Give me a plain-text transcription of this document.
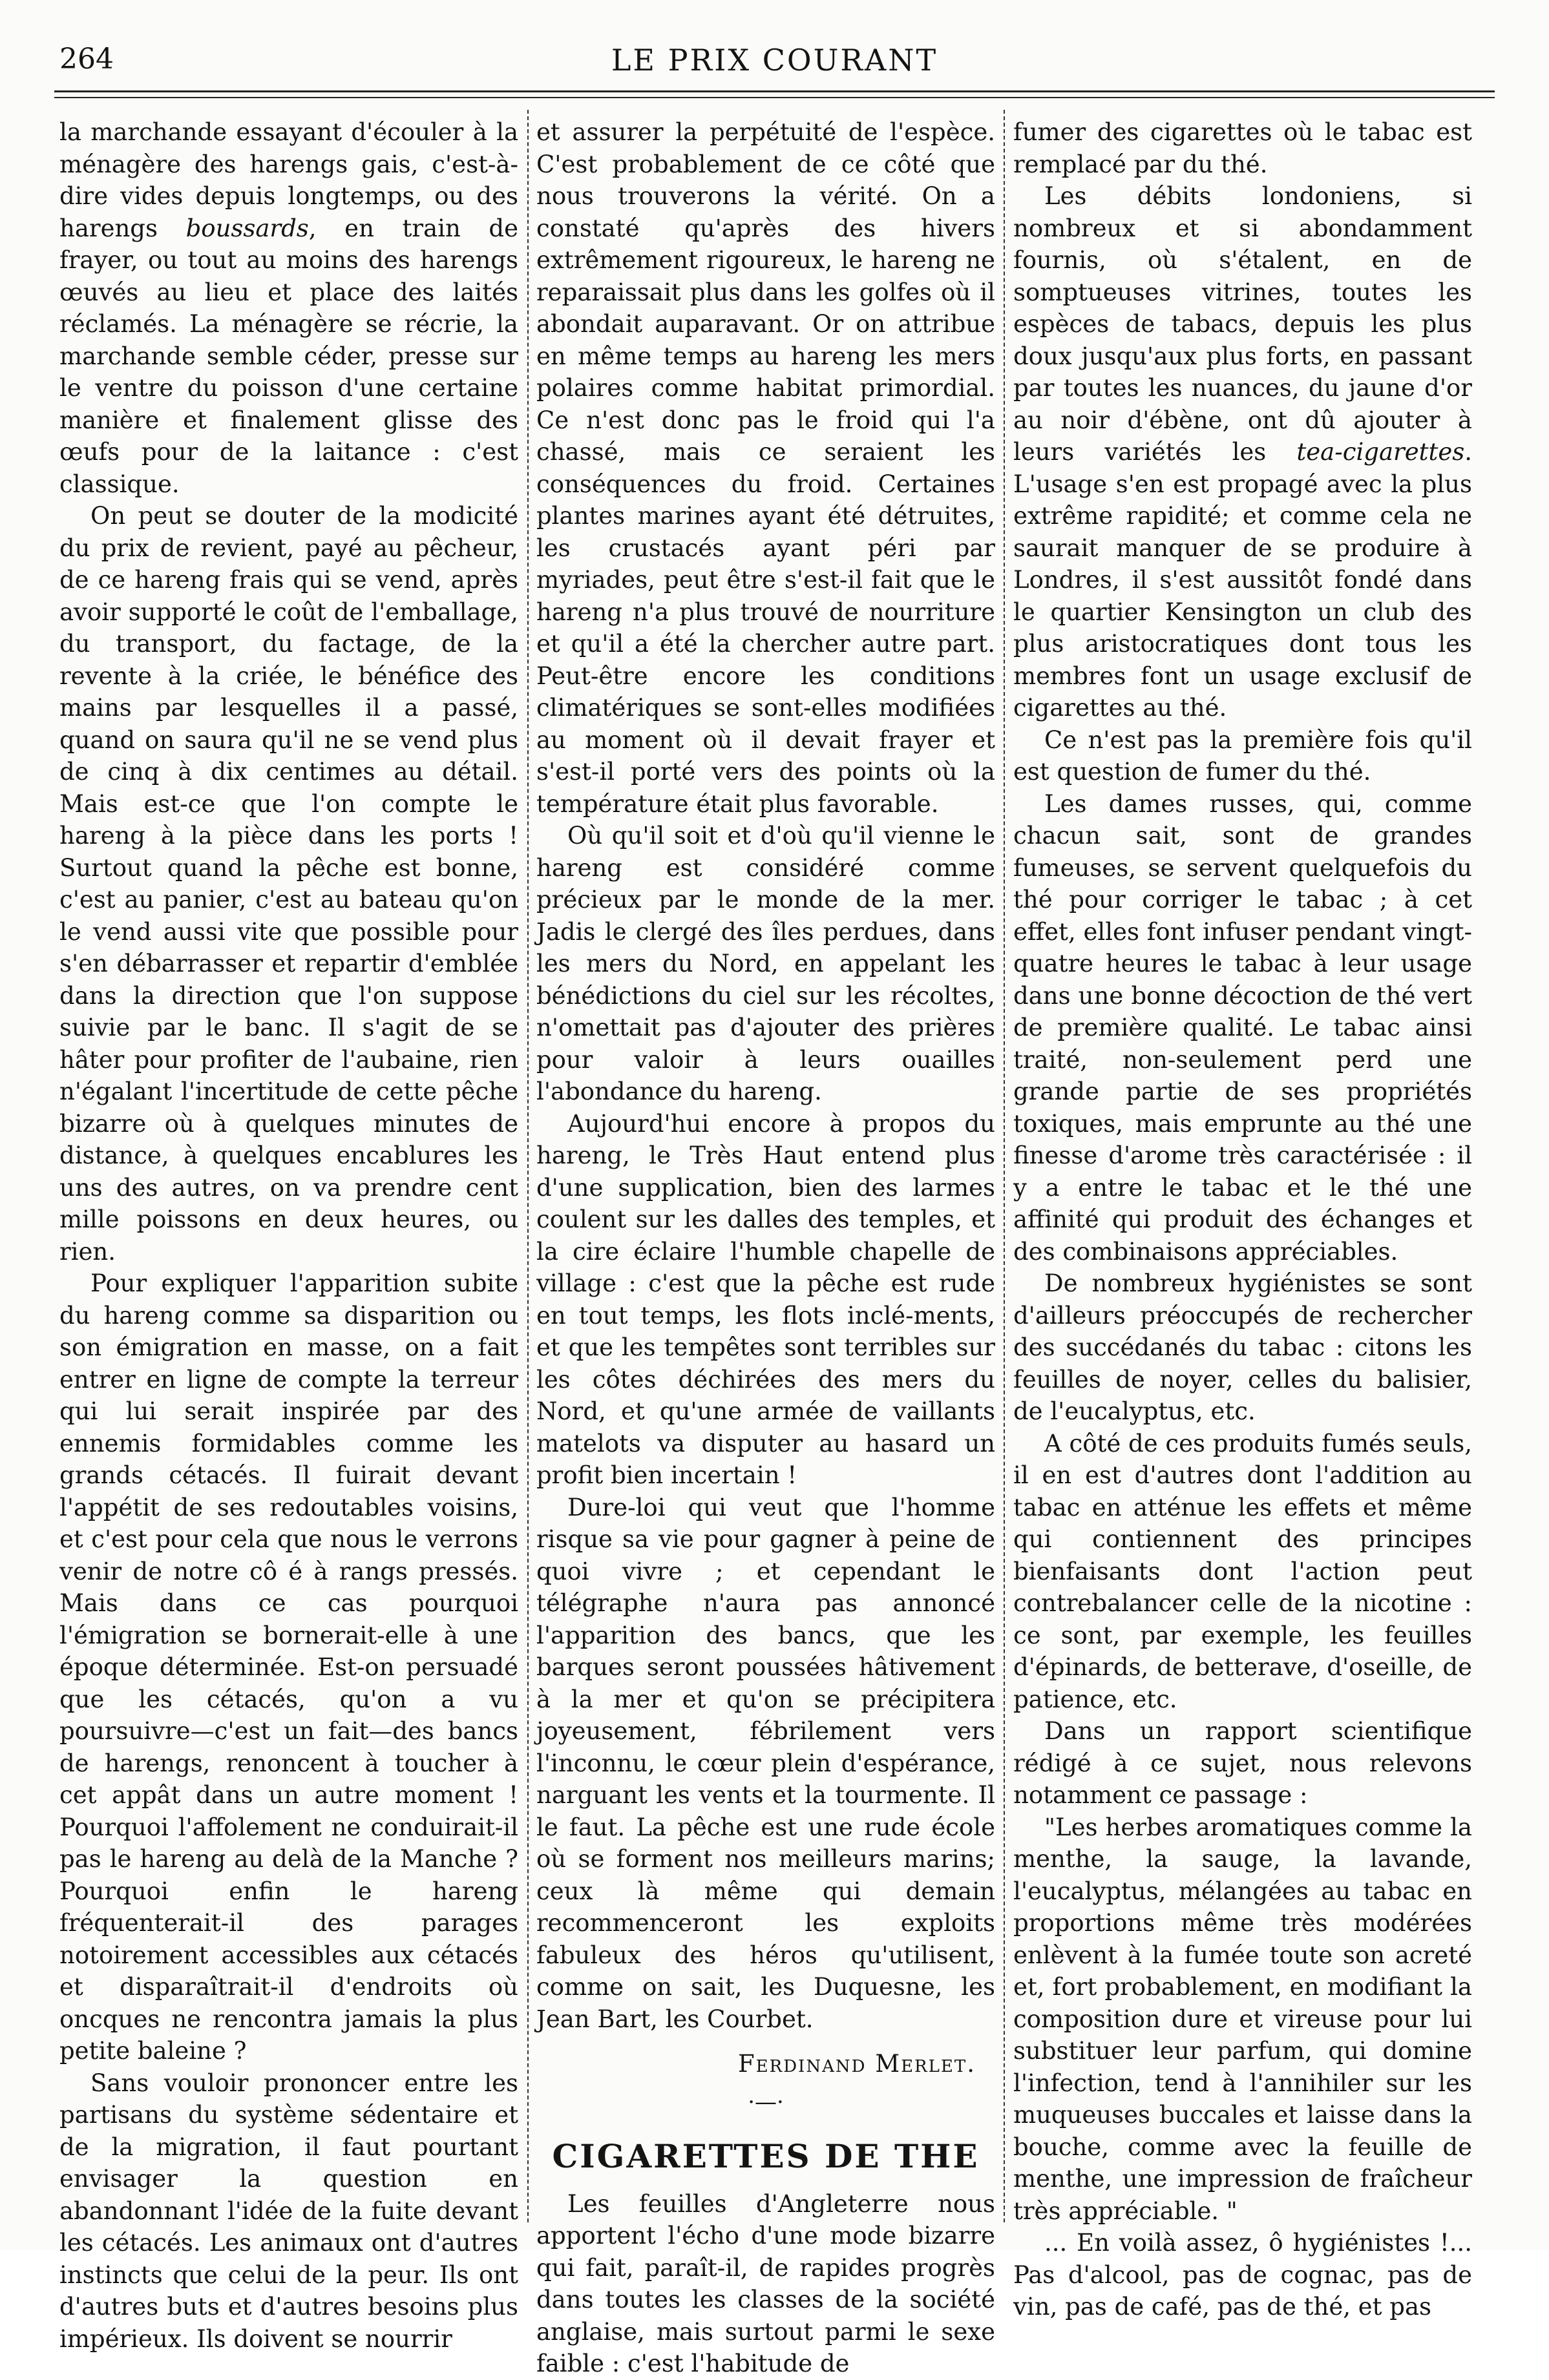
264	LE PRIX COURANT

la marchande essayant d'écouler à la ménagère des harengs gais, c'est-à-dire vides depuis longtemps, ou des harengs boussards, en train de frayer, ou tout au moins des harengs œuvés au lieu et place des laités réclamés. La ménagère se récrie, la marchande semble céder, presse sur le ventre du poisson d'une certaine manière et finalement glisse des œufs pour de la laitance : c'est classique.

On peut se douter de la modicité du prix de revient, payé au pêcheur, de ce hareng frais qui se vend, après avoir supporté le coût de l'emballage, du transport, du factage, de la revente à la criée, le bénéfice des mains par lesquelles il a passé, quand on saura qu'il ne se vend plus de cinq à dix centimes au détail. Mais est-ce que l'on compte le hareng à la pièce dans les ports ! Surtout quand la pêche est bonne, c'est au panier, c'est au bateau qu'on le vend aussi vite que possible pour s'en débarrasser et repartir d'emblée dans la direction que l'on suppose suivie par le banc. Il s'agit de se hâter pour profiter de l'aubaine, rien n'égalant l'incertitude de cette pêche bizarre où à quelques minutes de distance, à quelques encablures les uns des autres, on va prendre cent mille poissons en deux heures, ou rien.

Pour expliquer l'apparition subite du hareng comme sa disparition ou son émigration en masse, on a fait entrer en ligne de compte la terreur qui lui serait inspirée par des ennemis formidables comme les grands cétacés. Il fuirait devant l'appétit de ses redoutables voisins, et c'est pour cela que nous le verrons venir de notre cô é à rangs pressés. Mais dans ce cas pourquoi l'émigration se bornerait-elle à une époque déterminée. Est-on persuadé que les cétacés, qu'on a vu poursuivre—c'est un fait—des bancs de harengs, renoncent à toucher à cet appât dans un autre moment ! Pourquoi l'affolement ne conduirait-il pas le hareng au delà de la Manche ? Pourquoi enfin le hareng fréquenterait-il des parages notoirement accessibles aux cétacés et disparaîtrait-il d'endroits où oncques ne rencontra jamais la plus petite baleine ?

Sans vouloir prononcer entre les partisans du système sédentaire et de la migration, il faut pourtant envisager la question en abandonnant l'idée de la fuite devant les cétacés. Les animaux ont d'autres instincts que celui de la peur. Ils ont d'autres buts et d'autres besoins plus impérieux. Ils doivent se nourrir

et assurer la perpétuité de l'espèce. C'est probablement de ce côté que nous trouverons la vérité. On a constaté qu'après des hivers extrêmement rigoureux, le hareng ne reparaissait plus dans les golfes où il abondait auparavant. Or on attribue en même temps au hareng les mers polaires comme habitat primordial. Ce n'est donc pas le froid qui l'a chassé, mais ce seraient les conséquences du froid. Certaines plantes marines ayant été détruites, les crustacés ayant péri par myriades, peut être s'est-il fait que le hareng n'a plus trouvé de nourriture et qu'il a été la chercher autre part. Peut-être encore les conditions climatériques se sont-elles modifiées au moment où il devait frayer et s'est-il porté vers des points où la température était plus favorable.

Où qu'il soit et d'où qu'il vienne le hareng est considéré comme précieux par le monde de la mer. Jadis le clergé des îles perdues, dans les mers du Nord, en appelant les bénédictions du ciel sur les récoltes, n'omettait pas d'ajouter des prières pour valoir à leurs ouailles l'abondance du hareng.

Aujourd'hui encore à propos du hareng, le Très Haut entend plus d'une supplication, bien des larmes coulent sur les dalles des temples, et la cire éclaire l'humble chapelle de village : c'est que la pêche est rude en tout temps, les flots inclé-ments, et que les tempêtes sont terribles sur les côtes déchirées des mers du Nord, et qu'une armée de vaillants matelots va disputer au hasard un profit bien incertain !

Dure-loi qui veut que l'homme risque sa vie pour gagner à peine de quoi vivre ; et cependant le télégraphe n'aura pas annoncé l'apparition des bancs, que les barques seront poussées hâtivement à la mer et qu'on se précipitera joyeusement, fébrilement vers l'inconnu, le cœur plein d'espérance, narguant les vents et la tourmente. Il le faut. La pêche est une rude école où se forment nos meilleurs marins; ceux là même qui demain recommenceront les exploits fabuleux des héros qu'utilisent, comme on sait, les Duquesne, les Jean Bart, les Courbet.

Ferdinand Merlet.
·—·
CIGARETTES DE THE

Les feuilles d'Angleterre nous apportent l'écho d'une mode bizarre qui fait, paraît-il, de rapides progrès dans toutes les classes de la société anglaise, mais surtout parmi le sexe faible : c'est l'habitude de

fumer des cigarettes où le tabac est remplacé par du thé.

Les débits londoniens, si nombreux et si abondamment fournis, où s'étalent, en de somptueuses vitrines, toutes les espèces de tabacs, depuis les plus doux jusqu'aux plus forts, en passant par toutes les nuances, du jaune d'or au noir d'ébène, ont dû ajouter à leurs variétés les tea-cigarettes. L'usage s'en est propagé avec la plus extrême rapidité; et comme cela ne saurait manquer de se produire à Londres, il s'est aussitôt fondé dans le quartier Kensington un club des plus aristocratiques dont tous les membres font un usage exclusif de cigarettes au thé.

Ce n'est pas la première fois qu'il est question de fumer du thé.

Les dames russes, qui, comme chacun sait, sont de grandes fumeuses, se servent quelquefois du thé pour corriger le tabac ; à cet effet, elles font infuser pendant vingt-quatre heures le tabac à leur usage dans une bonne décoction de thé vert de première qualité. Le tabac ainsi traité, non-seulement perd une grande partie de ses propriétés toxiques, mais emprunte au thé une finesse d'arome très caractérisée : il y a entre le tabac et le thé une affinité qui produit des échanges et des combinaisons appréciables.

De nombreux hygiénistes se sont d'ailleurs préoccupés de rechercher des succédanés du tabac : citons les feuilles de noyer, celles du balisier, de l'eucalyptus, etc.

A côté de ces produits fumés seuls, il en est d'autres dont l'addition au tabac en atténue les effets et même qui contiennent des principes bienfaisants dont l'action peut contrebalancer celle de la nicotine : ce sont, par exemple, les feuilles d'épinards, de betterave, d'oseille, de patience, etc.

Dans un rapport scientifique rédigé à ce sujet, nous relevons notamment ce passage :

"Les herbes aromatiques comme la menthe, la sauge, la lavande, l'eucalyptus, mélangées au tabac en proportions même très modérées enlèvent à la fumée toute son acreté et, fort probablement, en modifiant la composition dure et vireuse pour lui substituer leur parfum, qui domine l'infection, tend à l'annihiler sur les muqueuses buccales et laisse dans la bouche, comme avec la feuille de menthe, une impression de fraîcheur très appréciable. "

... En voilà assez, ô hygiénistes !... Pas d'alcool, pas de cognac, pas de vin, pas de café, pas de thé, et pas
